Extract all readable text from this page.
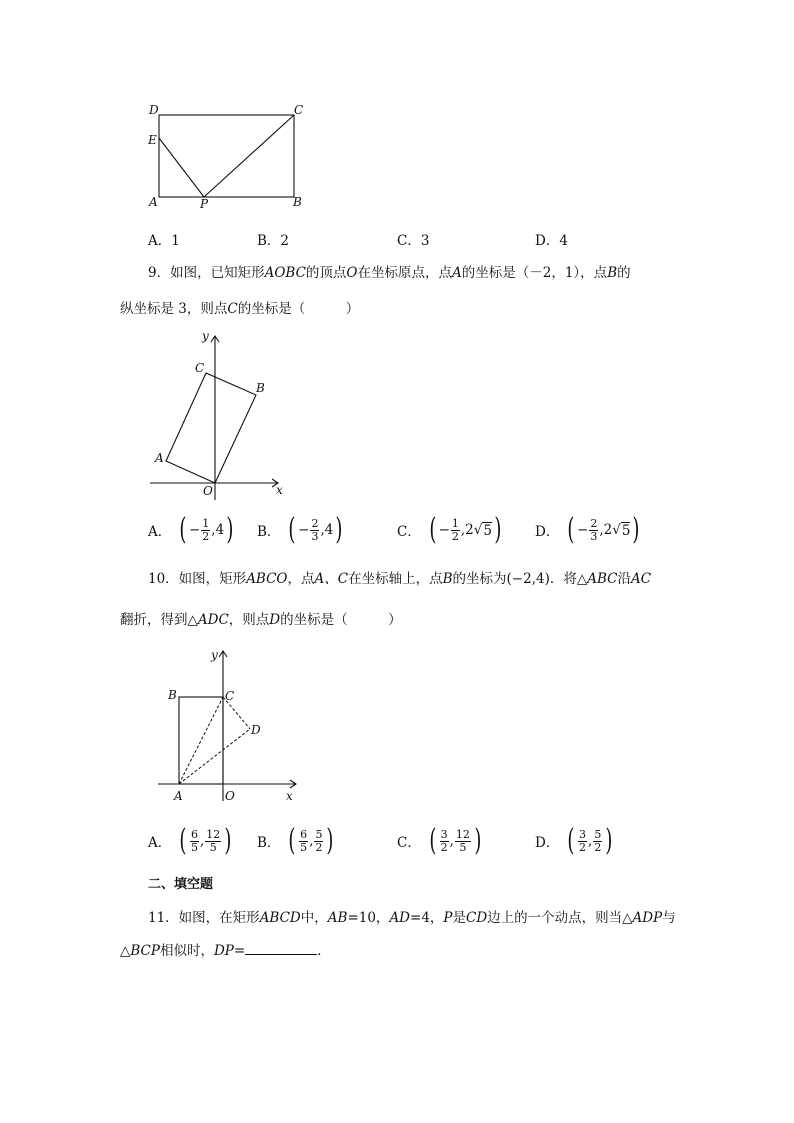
D	C
E
A	P	B
A．1	B．2	C．3	D．4
9．如图，已知矩形AOBC的顶点O在坐标原点，点A的坐标是（－2，1），点B的
纵坐标是 3，则点C的坐标是（　　　）
y
C
B
A
O	x
A． ( − $\frac{1}{2}$ , 4 ) B． ( − $\frac{2}{3}$ , 4 )	C． ( − $\frac{1}{2}$ , 2 √ 5 ) D． ( − $\frac{2}{3}$ , 2 √ 5 )
10．如图，矩形ABCO，点A、C在坐标轴上，点B的坐标为(−2,4)．将△ABC沿AC
翻折，得到△ADC，则点D的坐标是（　　　）
y
B	C
D
A	O	x
A． ( $\frac{6}{5}$ , $\frac{12}{5}$ ) B． ( $\frac{6}{5}$ , $\frac{5}{2}$ )	C． ( $\frac{3}{2}$ , $\frac{12}{5}$ )	D． ( $\frac{3}{2}$ , $\frac{5}{2}$ )
二、填空题
11．如图，在矩形ABCD中，AB=10，AD=4，P是CD边上的一个动点，则当△ADP与
△BCP相似时，DP=	．
